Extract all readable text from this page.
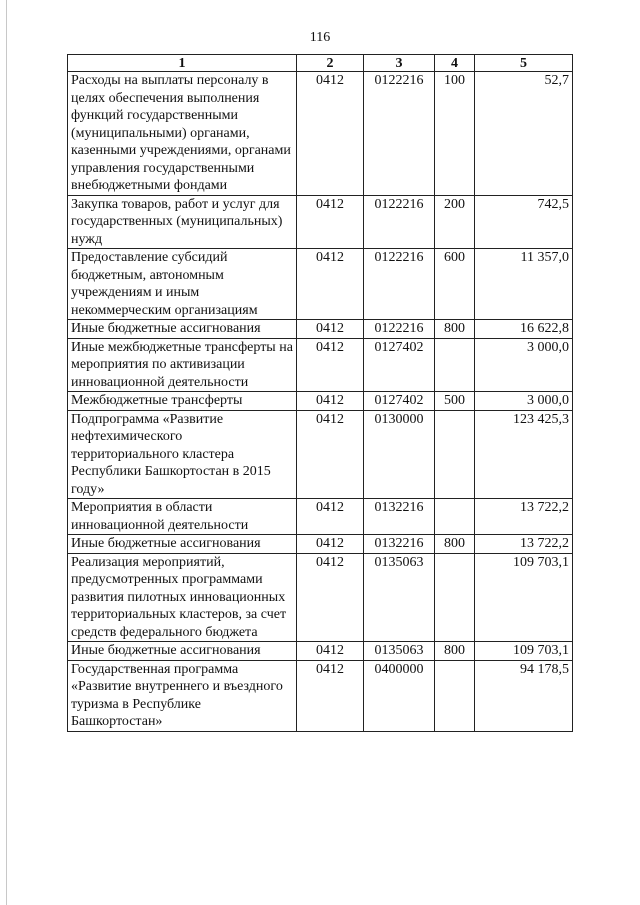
116
1	2	3	4	5
Расходы на выплаты персоналу в целях обеспечения выполнения функций государственными (муниципальными) органами, казенными учреждениями, органами управления государственными внебюджетными фондами	0412	0122216	100	52,7
Закупка товаров, работ и услуг для государственных (муниципальных) нужд	0412	0122216	200	742,5
Предоставление субсидий бюджетным, автономным учреждениям и иным некоммерческим организациям	0412	0122216	600	11 357,0
Иные бюджетные ассигнования	0412	0122216	800	16 622,8
Иные межбюджетные трансферты на мероприятия по активизации инновационной деятельности	0412	0127402		3 000,0
Межбюджетные трансферты	0412	0127402	500	3 000,0
Подпрограмма «Развитие нефтехимического территориального кластера Республики Башкортостан в 2015 году»	0412	0130000		123 425,3
Мероприятия в области инновационной деятельности	0412	0132216		13 722,2
Иные бюджетные ассигнования	0412	0132216	800	13 722,2
Реализация мероприятий, предусмотренных программами развития пилотных инновационных территориальных кластеров, за счет средств федерального бюджета	0412	0135063		109 703,1
Иные бюджетные ассигнования	0412	0135063	800	109 703,1
Государственная программа «Развитие внутреннего и въездного туризма в Республике Башкортостан»	0412	0400000		94 178,5
